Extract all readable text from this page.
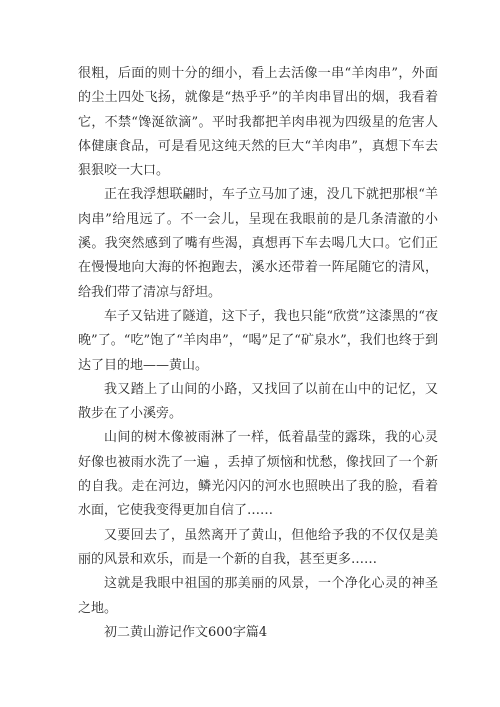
很粗，后面的则十分的细小，看上去活像一串“羊肉串”，外面的尘土四处飞扬，就像是“热乎乎”的羊肉串冒出的烟，我看着它，不禁“馋涎欲滴”。平时我都把羊肉串视为四级星的危害人体健康食品，可是看见这纯天然的巨大“羊肉串”，真想下车去狠狠咬一大口。

正在我浮想联翩时，车子立马加了速，没几下就把那根“羊肉串”给甩远了。不一会儿，呈现在我眼前的是几条清澈的小溪。我突然感到了嘴有些渴，真想再下车去喝几大口。它们正在慢慢地向大海的怀抱跑去，溪水还带着一阵尾随它的清风，给我们带了清凉与舒坦。

车子又钻进了隧道，这下子，我也只能“欣赏”这漆黑的“夜晚”了。“吃”饱了“羊肉串”，“喝”足了“矿泉水”，我们也终于到达了目的地——黄山。

我又踏上了山间的小路，又找回了以前在山中的记忆，又散步在了小溪旁。

山间的树木像被雨淋了一样，低着晶莹的露珠，我的心灵好像也被雨水洗了一遍 ，丢掉了烦恼和忧愁，像找回了一个新的自我。走在河边，鳞光闪闪的河水也照映出了我的脸，看着水面，它使我变得更加自信了……

又要回去了，虽然离开了黄山，但他给予我的不仅仅是美丽的风景和欢乐，而是一个新的自我，甚至更多……

这就是我眼中祖国的那美丽的风景，一个净化心灵的神圣之地。

初二黄山游记作文600字篇4
